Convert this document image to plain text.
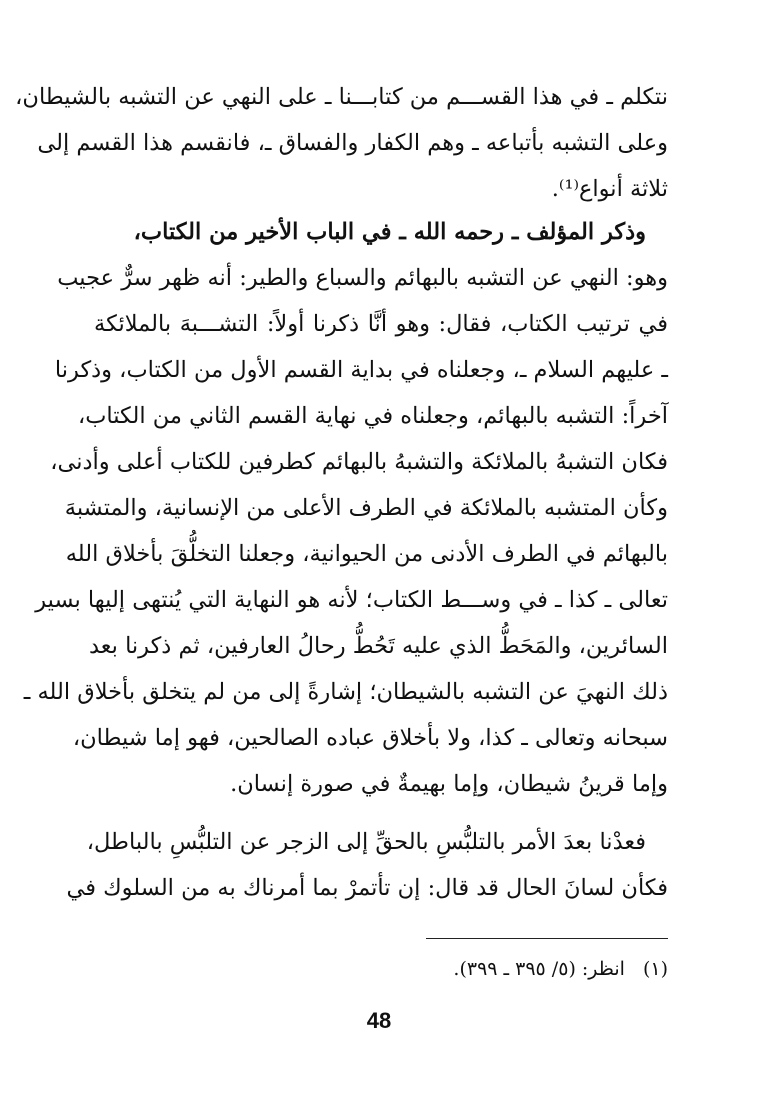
نتكلم ـ في هذا القســـم من كتابـــنا ـ على النهي عن التشبه بالشيطان،
وعلى التشبه بأتباعه ـ وهم الكفار والفساق ـ، فانقسم هذا القسم إلى
ثلاثة أنواع⁽¹⁾.

وذكر المؤلف ـ رحمه الله ـ في الباب الأخير من الكتاب،
وهو: النهي عن التشبه بالبهائم والسباع والطير: أنه ظهر سرٌّ عجيب
في ترتيب الكتاب، فقال: وهو أنَّا ذكرنا أولاً: التشـــبهَ بالملائكة
ـ عليهم السلام ـ، وجعلناه في بداية القسم الأول من الكتاب، وذكرنا
آخراً: التشبه بالبهائم، وجعلناه في نهاية القسم الثاني من الكتاب،
فكان التشبهُ بالملائكة والتشبهُ بالبهائم كطرفين للكتاب أعلى وأدنى،
وكأن المتشبه بالملائكة في الطرف الأعلى من الإنسانية، والمتشبهَ
بالبهائم في الطرف الأدنى من الحيوانية، وجعلنا التخلُّقَ بأخلاق الله
تعالى ـ كذا ـ في وســـط الكتاب؛ لأنه هو النهاية التي يُنتهى إليها بسير
السائرين، والمَحَطُّ الذي عليه تَحُطُّ رحالُ العارفين، ثم ذكرنا بعد
ذلك النهيَ عن التشبه بالشيطان؛ إشارةً إلى من لم يتخلق بأخلاق الله ـ
سبحانه وتعالى ـ كذا، ولا بأخلاق عباده الصالحين، فهو إما شيطان،
وإما قرينُ شيطان، وإما بهيمةٌ في صورة إنسان.

فعدْنا بعدَ الأمر بالتلبُّسِ بالحقِّ إلى الزجر عن التلبُّسِ بالباطل،
فكأن لسانَ الحال قد قال: إن تأتمرْ بما أمرناك به من السلوك في

(١)انظر: (٥/ ٣٩٥ ـ ٣٩٩).
48
